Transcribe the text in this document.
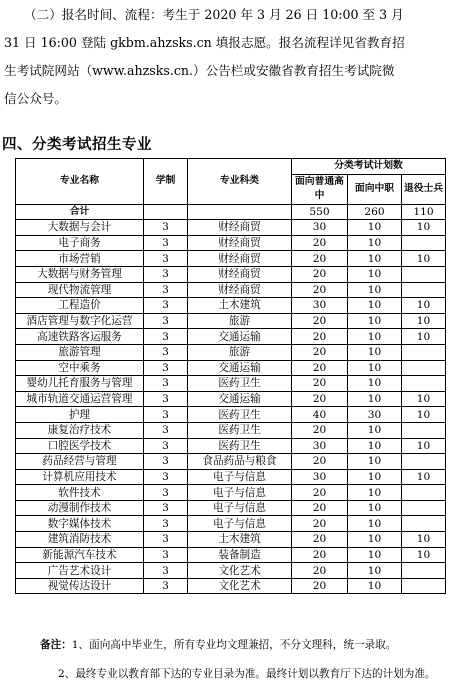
（二）报名时间、流程：考生于 2020 年 3 月 26 日 10:00 至 3 月
31 日 16:00 登陆 gkbm.ahzsks.cn 填报志愿。报名流程详见省教育招
生考试院网站（www.ahzsks.cn.）公告栏或安徽省教育招生考试院微
信公众号。
四、分类考试招生专业
专业名称	学制	专业科类	分类考试计划数		
			面向普通高中	面向中职	退役士兵
合计			550	260	110
大数据与会计	3	财经商贸	30	10	10
电子商务	3	财经商贸	20	10	
市场营销	3	财经商贸	20	10	10
大数据与财务管理	3	财经商贸	20	10	
现代物流管理	3	财经商贸	20	10	
工程造价	3	土木建筑	30	10	10
酒店管理与数字化运营	3	旅游	20	10	10
高速铁路客运服务	3	交通运输	20	10	10
旅游管理	3	旅游	20	10	
空中乘务	3	交通运输	20	10	
婴幼儿托育服务与管理	3	医药卫生	20	10	
城市轨道交通运营管理	3	交通运输	20	10	10
护理	3	医药卫生	40	30	10
康复治疗技术	3	医药卫生	20	10	
口腔医学技术	3	医药卫生	30	10	10
药品经营与管理	3	食品药品与粮食	20	10	
计算机应用技术	3	电子与信息	30	10	10
软件技术	3	电子与信息	20	10	
动漫制作技术	3	电子与信息	20	10	
数字媒体技术	3	电子与信息	20	10	
建筑消防技术	3	土木建筑	20	10	10
新能源汽车技术	3	装备制造	20	10	10
广告艺术设计	3	文化艺术	20	10	
视觉传达设计	3	文化艺术	20	10	
备注：1、面向高中毕业生，所有专业均文理兼招，不分文理科，统一录取。
2、最终专业以教育部下达的专业目录为准。最终计划以教育厅下达的计划为准。
